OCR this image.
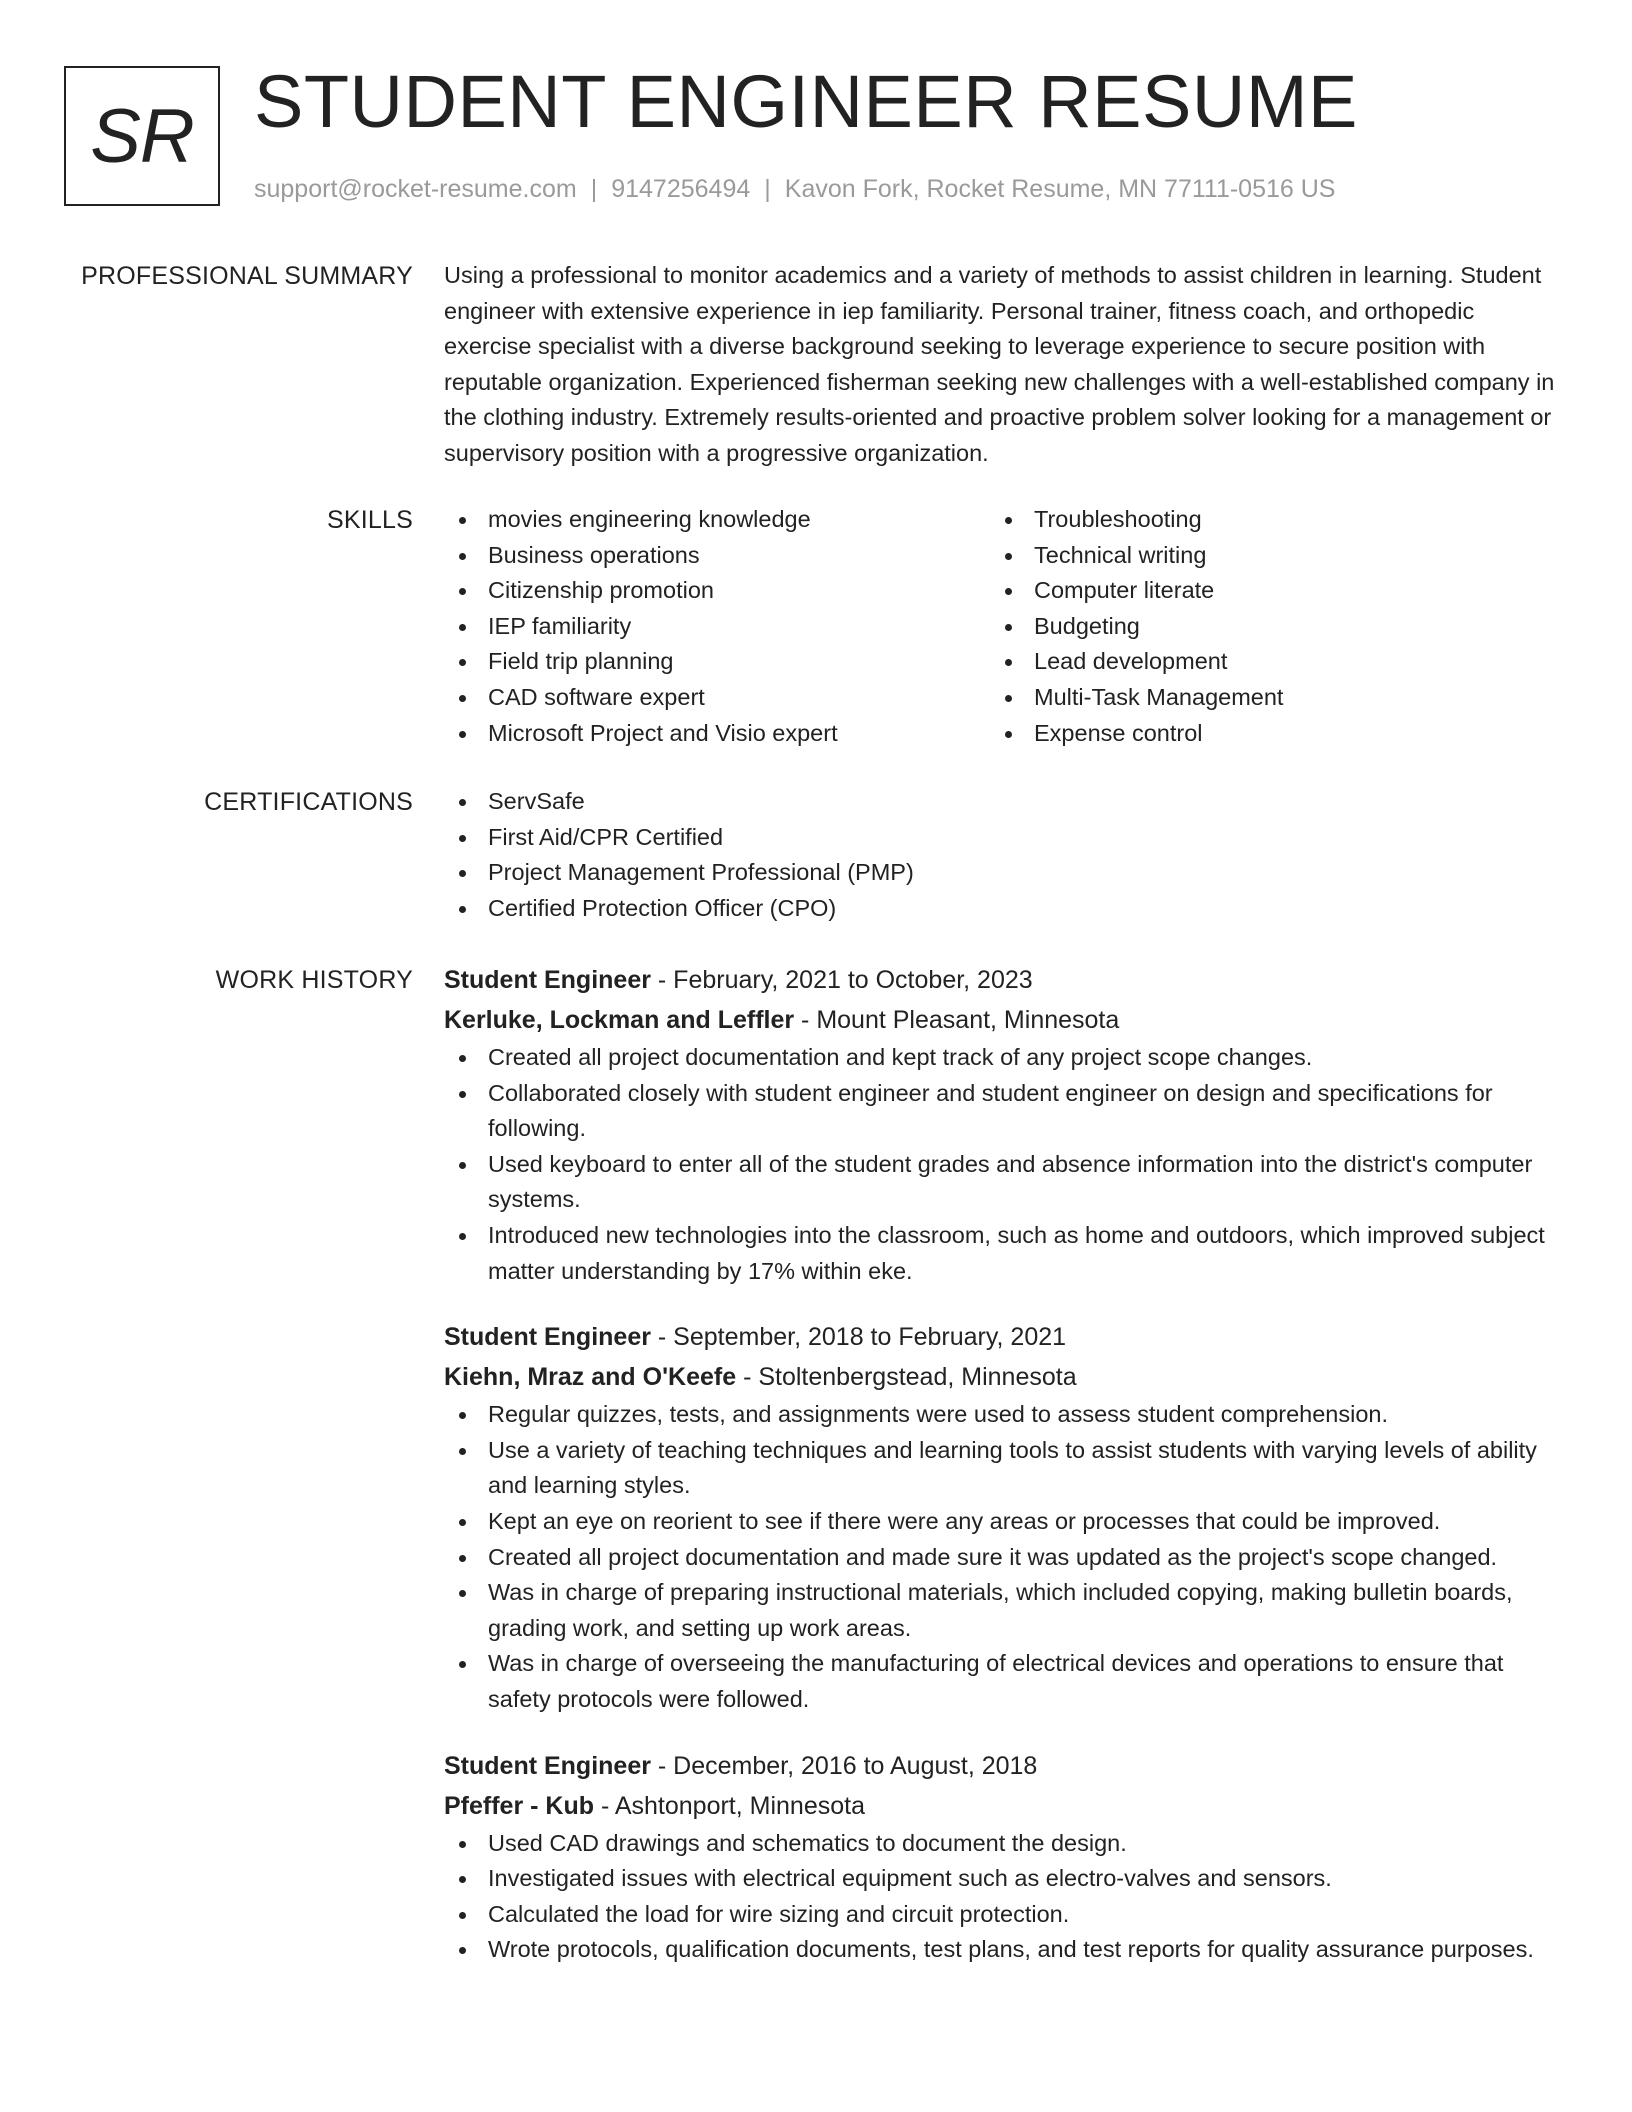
SR STUDENT ENGINEER RESUME
support@rocket-resume.com | 9147256494 | Kavon Fork, Rocket Resume, MN 77111-0516 US
PROFESSIONAL SUMMARY Using a professional to monitor academics and a variety of methods to assist children in learning. Student engineer with extensive experience in iep familiarity. Personal trainer, fitness coach, and orthopedic exercise specialist with a diverse background seeking to leverage experience to secure position with reputable organization. Experienced fisherman seeking new challenges with a well-established company in the clothing industry. Extremely results-oriented and proactive problem solver looking for a management or supervisory position with a progressive organization.

SKILLS	movies engineering knowledge
Business operations
Citizenship promotion
IEP familiarity
Field trip planning
CAD software expert
Microsoft Project and Visio expert
Troubleshooting
Technical writing
Computer literate
Budgeting
Lead development
Multi-Task Management
Expense control
CERTIFICATIONS	ServSafe
First Aid/CPR Certified
Project Management Professional (PMP)
Certified Protection Officer (CPO)
WORK HISTORY Student Engineer - February, 2021 to October, 2023
Kerluke, Lockman and Leffler - Mount Pleasant, Minnesota
Created all project documentation and kept track of any project scope changes.
Collaborated closely with student engineer and student engineer on design and specifications for following.
Used keyboard to enter all of the student grades and absence information into the district's computer systems.
Introduced new technologies into the classroom, such as home and outdoors, which improved subject matter understanding by 17% within eke.
Student Engineer - September, 2018 to February, 2021
Kiehn, Mraz and O'Keefe - Stoltenbergstead, Minnesota
Regular quizzes, tests, and assignments were used to assess student comprehension.
Use a variety of teaching techniques and learning tools to assist students with varying levels of ability and learning styles.
Kept an eye on reorient to see if there were any areas or processes that could be improved.
Created all project documentation and made sure it was updated as the project's scope changed.
Was in charge of preparing instructional materials, which included copying, making bulletin boards, grading work, and setting up work areas.
Was in charge of overseeing the manufacturing of electrical devices and operations to ensure that safety protocols were followed.
Student Engineer - December, 2016 to August, 2018
Pfeffer - Kub - Ashtonport, Minnesota
Used CAD drawings and schematics to document the design.
Investigated issues with electrical equipment such as electro-valves and sensors.
Calculated the load for wire sizing and circuit protection.
Wrote protocols, qualification documents, test plans, and test reports for quality assurance purposes.
